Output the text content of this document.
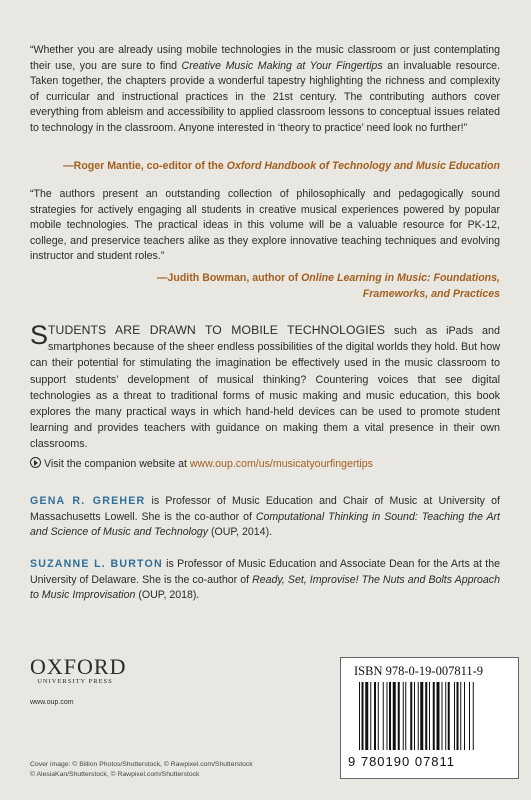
“Whether you are already using mobile technologies in the music classroom or just contemplating their use, you are sure to find Creative Music Making at Your Fingertips an invaluable resource. Taken together, the chapters provide a wonderful tapestry highlighting the richness and complexity of curricular and instructional practices in the 21st century. The contributing authors cover everything from ableism and accessibility to applied classroom lessons to conceptual issues related to technology in the classroom. Anyone interested in ‘theory to practice’ need look no further!”
—Roger Mantie, co-editor of the Oxford Handbook of Technology and Music Education
“The authors present an outstanding collection of philosophically and pedagogically sound strategies for actively engaging all students in creative musical experiences powered by popular mobile technologies. The practical ideas in this volume will be a valuable resource for PK-12, college, and preservice teachers alike as they explore innovative teaching techniques and evolving instructor and student roles.”
—Judith Bowman, author of Online Learning in Music: Foundations,
Frameworks, and Practices
STUDENTS ARE DRAWN TO MOBILE TECHNOLOGIES such as iPads and smartphones because of the sheer endless possibilities of the digital worlds they hold. But how can their potential for stimulating the imagination be effectively used in the music classroom to support students’ development of musical thinking? Countering voices that see digital technologies as a threat to traditional forms of music making and music education, this book explores the many practical ways in which hand-held devices can be used to promote student learning and provides teachers with guidance on making them a vital presence in their own classrooms.
Visit the companion website at www.oup.com/us/musicatyourfingertips
GENA R. GREHER is Professor of Music Education and Chair of Music at University of Massachusetts Lowell. She is the co-author of Computational Thinking in Sound: Teaching the Art and Science of Music and Technology (OUP, 2014).
SUZANNE L. BURTON is Professor of Music Education and Associate Dean for the Arts at the University of Delaware. She is the co-author of Ready, Set, Improvise! The Nuts and Bolts Approach to Music Improvisation (OUP, 2018).
OXFORD
UNIVERSITY PRESS
www.oup.com
Cover image: © Billion Photos/Shutterstock, © Rawpixel.com/Shutterstock
© AlesiaKan/Shutterstock, © Rawpixel.com/Shutterstock
ISBN 978-0-19-007811-9
9 780190 07811
